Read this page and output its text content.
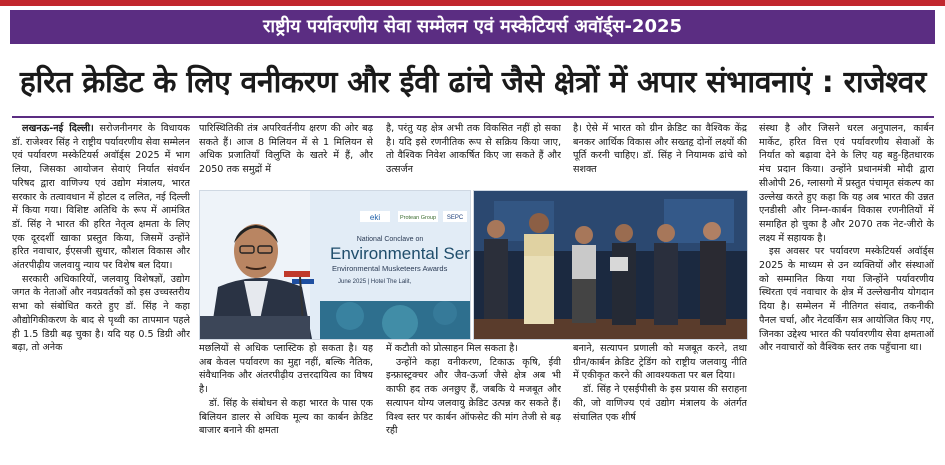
राष्ट्रीय पर्यावरणीय सेवा सम्मेलन एवं मस्केटियर्स अवॉर्ड्स-2025
हरित क्रेडिट के लिए वनीकरण और ईवी ढांचे जैसे क्षेत्रों में अपार संभावनाएं : राजेश्वर

लखनऊ-नई दिल्ली। सरोजनीनगर के विधायक डॉ. राजेश्वर सिंह ने राष्ट्रीय पर्यावरणीय सेवा सम्मेलन एवं पर्यावरण मस्केटियर्स अवॉर्ड्स 2025 में भाग लिया, जिसका आयोजन सेवाएं निर्यात संवर्धन परिषद द्वारा वाणिज्य एवं उद्योग मंत्रालय, भारत सरकार के तत्वावधान में होटल द ललित, नई दिल्ली में किया गया। विशिष्ट अतिथि के रूप में आमंत्रित डॉ. सिंह ने भारत की हरित नेतृत्व क्षमता के लिए एक दूरदर्शी खाका प्रस्तुत किया, जिसमें उन्होंने हरित नवाचार, ईएसजी सुधार, कौशल विकास और अंतरपीढ़ीय जलवायु न्याय पर विशेष बल दिया।

सरकारी अधिकारियों, जलवायु विशेषज्ञों, उद्योग जगत के नेताओं और नवप्रवर्तकों को इस उच्चस्तरीय सभा को संबोधित करते हुए डॉ. सिंह ने कहा औद्योगिकीकरण के बाद से पृथ्वी का तापमान पहले ही 1.5 डिग्री बढ़ चुका है। यदि यह 0.5 डिग्री और बढ़ा, तो अनेक

पारिस्थितिकी तंत्र अपरिवर्तनीय क्षरण की ओर बढ़ सकते हैं। आज 8 मिलियन में से 1 मिलियन से अधिक प्रजातियाँ विलुप्ति के खतरे में हैं, और 2050 तक समुद्रों में

है, परंतु यह क्षेत्र अभी तक विकसित नहीं हो सका है। यदि इसे रणनीतिक रूप से सक्रिय किया जाए, तो वैश्विक निवेश आकर्षित किए जा सकते हैं और उत्सर्जन

है। ऐसे में भारत को ग्रीन क्रेडिट का वैश्विक केंद्र बनकर आर्थिक विकास और सख्तहृ दोनों लक्ष्यों की पूर्ति करनी चाहिए। डॉ. सिंह ने नियामक ढांचे को सशक्त

National Conclave on
Environmental Ser
Environmental Musketeers Awards
June 2025 | Hotel The Lalit,
eki	Protean Group SEPC

मछलियों से अधिक प्लास्टिक हो सकता है। यह अब केवल पर्यावरण का मुद्दा नहीं, बल्कि नैतिक, संवैधानिक और अंतरपीढ़ीय उत्तरदायित्व का विषय है।

डॉ. सिंह के संबोधन से कहा भारत के पास एक बिलियन डालर से अधिक मूल्य का कार्बन क्रेडिट बाजार बनाने की क्षमता

में कटौती को प्रोत्साहन मिल सकता है।

उन्होंने कहा वनीकरण, टिकाऊ कृषि, ईवी इन्फ्रास्ट्रक्चर और जैव-ऊर्जा जैसे क्षेत्र अब भी काफी हद तक अनछुए हैं, जबकि ये मजबूत और सत्यापन योग्य जलवायु क्रेडिट उत्पन्न कर सकते हैं। विश्व स्तर पर कार्बन ऑफसेट की मांग तेजी से बढ़ रही

बनाने, सत्यापन प्रणाली को मजबूत करने, तथा ग्रीन/कार्बन क्रेडिट ट्रेडिंग को राष्ट्रीय जलवायु नीति में एकीकृत करने की आवश्यकता पर बल दिया।

डॉ. सिंह ने एसईपीसी के इस प्रयास की सराहना की, जो वाणिज्य एवं उद्योग मंत्रालय के अंतर्गत संचालित एक शीर्ष

संस्था है और जिसने धरल अनुपालन, कार्बन मार्केट, हरित वित्त एवं पर्यावरणीय सेवाओं के निर्यात को बढ़ावा देने के लिए यह बहु-हितधारक मंच प्रदान किया। उन्होंने प्रधानमंत्री मोदी द्वारा सीओपी 26, ग्लासगो में प्रस्तुत पंचामृत संकल्प का उल्लेख करते हुए कहा कि यह अब भारत की उन्नत एनडीसी और निम्न-कार्बन विकास रणनीतियों में समाहित हो चुका है और 2070 तक नेट-जीरो के लक्ष्य में सहायक है।

इस अवसर पर पर्यावरण मस्केटियर्स अवॉर्ड्स 2025 के माध्यम से उन व्यक्तियों और संस्थाओं को सम्मानित किया गया जिन्होंने पर्यावरणीय स्थिरता एवं नवाचार के क्षेत्र में उल्लेखनीय योगदान दिया है। सम्मेलन में नीतिगत संवाद, तकनीकी पैनल चर्चा, और नेटवर्किंग सत्र आयोजित किए गए, जिनका उद्देश्य भारत की पर्यावरणीय सेवा क्षमताओं और नवाचारों को वैश्विक स्तर तक पहुँचाना था।
